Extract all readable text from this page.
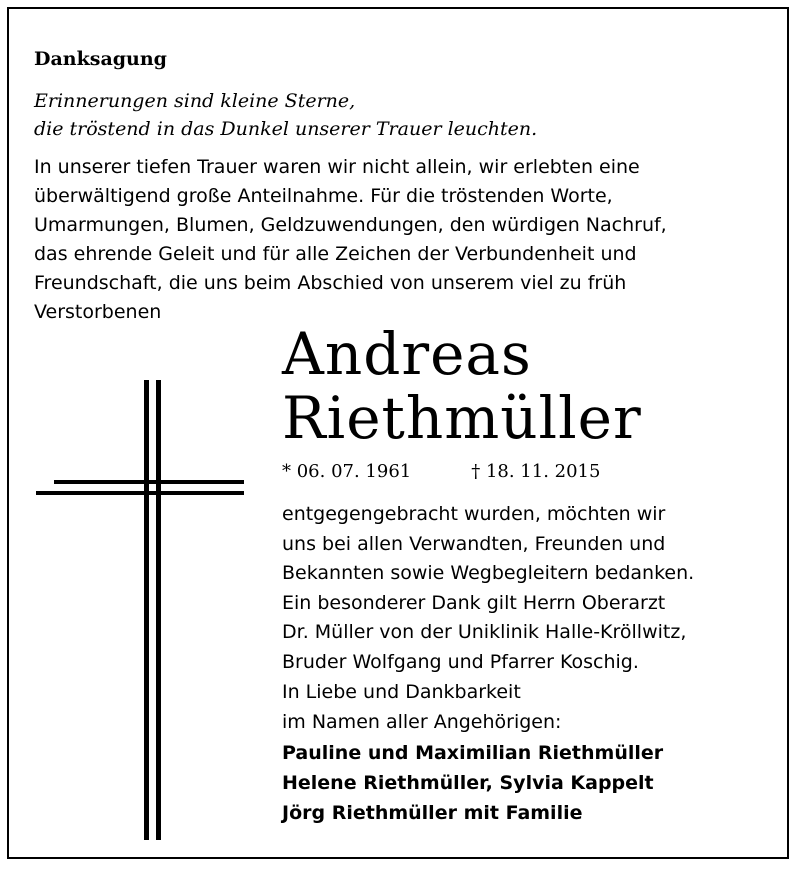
Danksagung
Erinnerungen sind kleine Sterne,
die tröstend in das Dunkel unserer Trauer leuchten.
In unserer tiefen Trauer waren wir nicht allein, wir erlebten eine
überwältigend große Anteilnahme. Für die tröstenden Worte,
Umarmungen, Blumen, Geldzuwendungen, den würdigen Nachruf,
das ehrende Geleit und für alle Zeichen der Verbundenheit und
Freundschaft, die uns beim Abschied von unserem viel zu früh
Verstorbenen
Andreas
Riethmüller
* 06. 07. 1961	† 18. 11. 2015
entgegengebracht wurden, möchten wir
uns bei allen Verwandten, Freunden und
Bekannten sowie Wegbegleitern bedanken.
Ein besonderer Dank gilt Herrn Oberarzt
Dr. Müller von der Uniklinik Halle-Kröllwitz,
Bruder Wolfgang und Pfarrer Koschig.
In Liebe und Dankbarkeit
im Namen aller Angehörigen:
Pauline und Maximilian Riethmüller
Helene Riethmüller, Sylvia Kappelt
Jörg Riethmüller mit Familie
